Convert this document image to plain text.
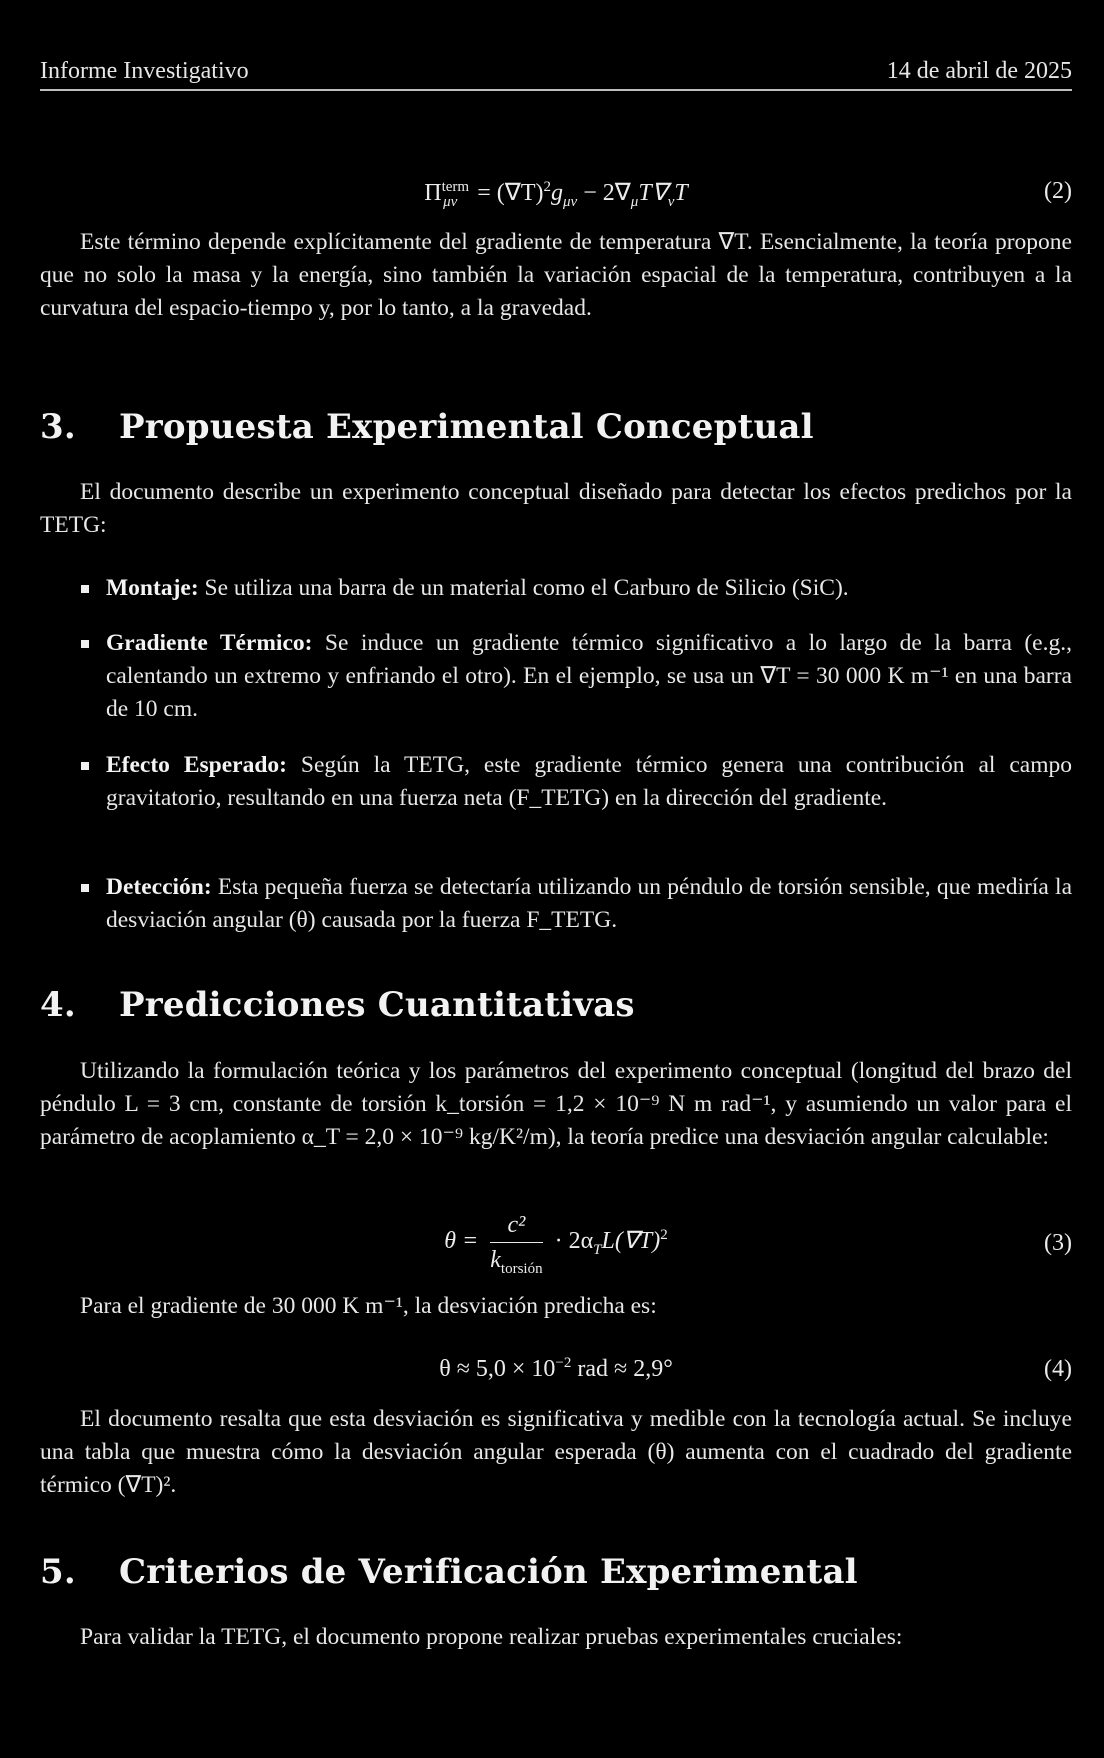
Informe Investigativo	14 de abril de 2025
$\Pi^{term}_{\mu\nu} = (\nabla T)^2g_{\mu\nu} - 2\nabla_\mu T\nabla_\nu T$	(2)

Este término depende explícitamente del gradiente de temperatura ∇T. Esencialmente, la teoría propone que no solo la masa y la energía, sino también la variación espacial de la temperatura, contribuyen a la curvatura del espacio-tiempo y, por lo tanto, a la gravedad.

3. Propuesta Experimental Conceptual

El documento describe un experimento conceptual diseñado para detectar los efectos predichos por la TETG:

Montaje: Se utiliza una barra de un material como el Carburo de Silicio (SiC).
Gradiente Térmico: Se induce un gradiente térmico significativo a lo largo de la barra (e.g., calentando un extremo y enfriando el otro). En el ejemplo, se usa un ∇T = 30 000 K m⁻¹ en una barra de 10 cm.
Efecto Esperado: Según la TETG, este gradiente térmico genera una contribución al campo gravitatorio, resultando en una fuerza neta (F_TETG) en la dirección del gradiente.
Detección: Esta pequeña fuerza se detectaría utilizando un péndulo de torsión sensible, que mediría la desviación angular (θ) causada por la fuerza F_TETG.
4. Predicciones Cuantitativas

Utilizando la formulación teórica y los parámetros del experimento conceptual (longitud del brazo del péndulo L = 3 cm, constante de torsión k_torsión = 1,2 × 10⁻⁹ N m rad⁻¹, y asumiendo un valor para el parámetro de acoplamiento α_T = 2,0 × 10⁻⁹ kg/K²/m), la teoría predice una desviación angular calculable:

$\theta = \frac{\text{c²}}{k_{torsión}} \cdot 2\alpha_TL(\nabla T)^2$	(3)

Para el gradiente de 30 000 K m⁻¹, la desviación predicha es:

$\theta \approx 5,0 \times 10^{-2}$ rad ≈ 2,9°	(4)

El documento resalta que esta desviación es significativa y medible con la tecnología actual. Se incluye una tabla que muestra cómo la desviación angular esperada (θ) aumenta con el cuadrado del gradiente térmico (∇T)².

5. Criterios de Verificación Experimental

Para validar la TETG, el documento propone realizar pruebas experimentales cruciales:
